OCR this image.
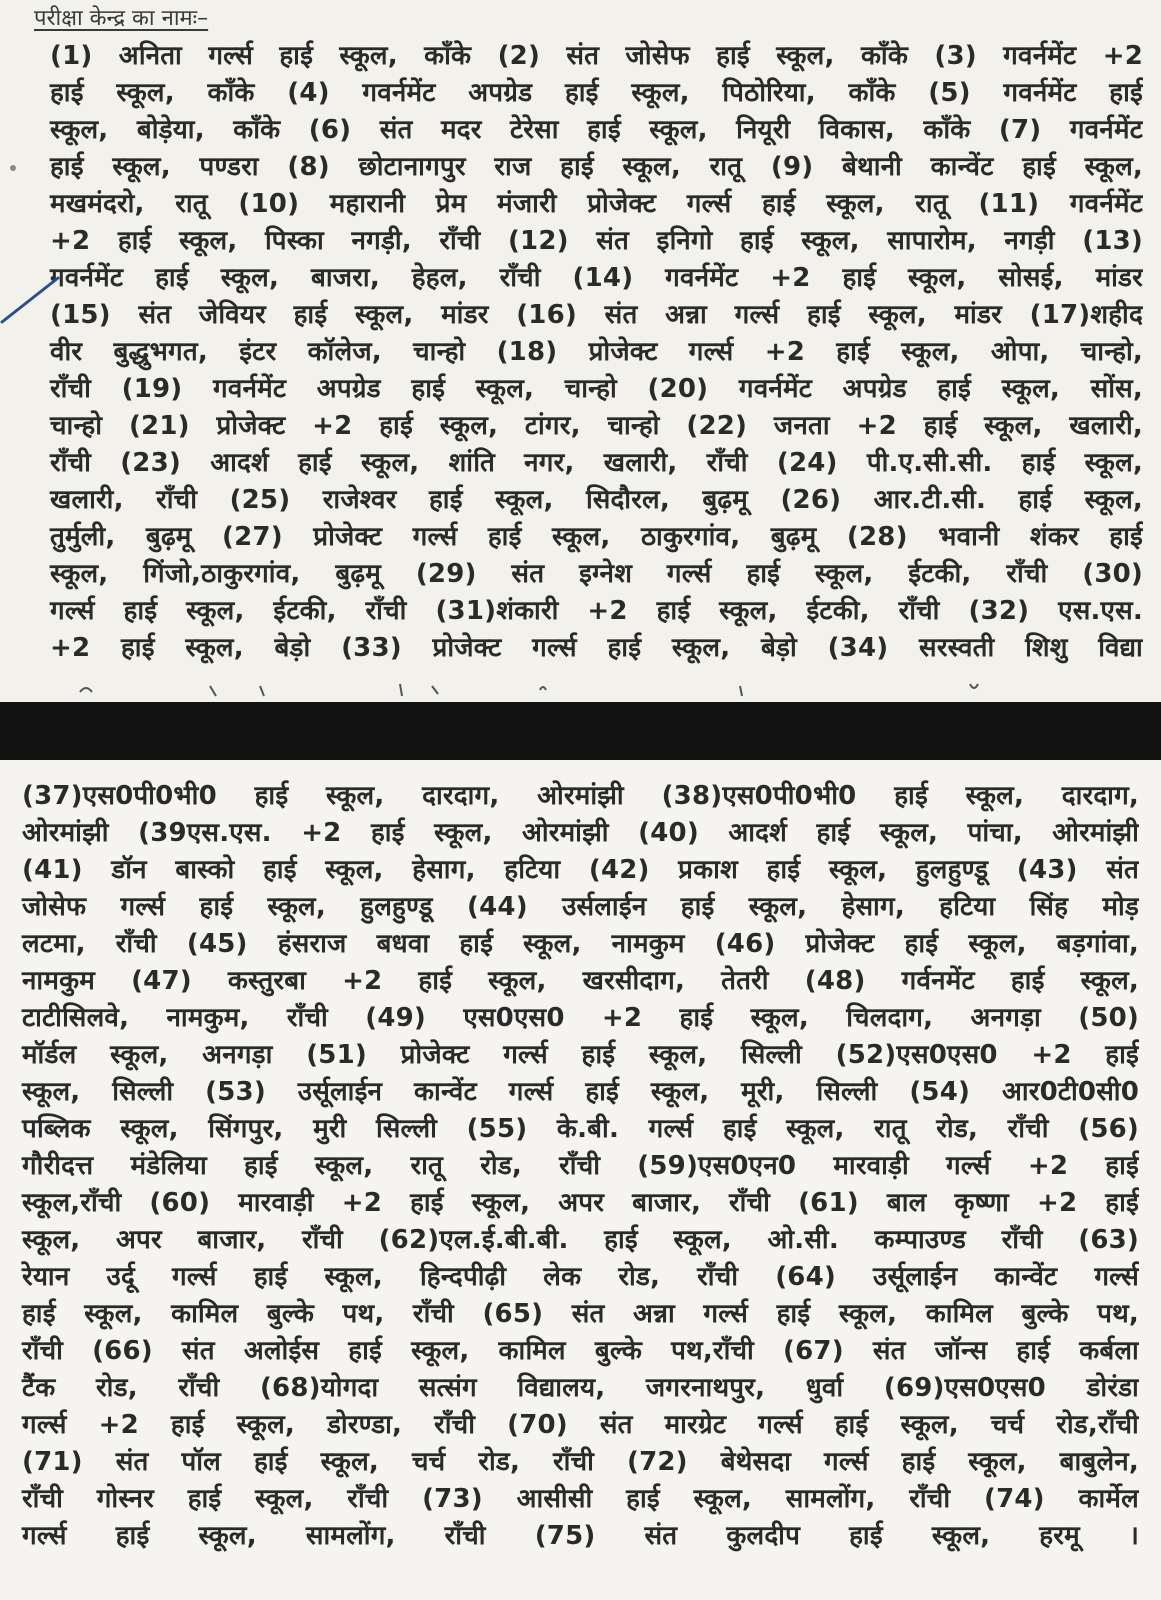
परीक्षा केन्द्र का नामः–
(1) अनिता गर्ल्स हाई स्कूल, काँके (2) संत जोसेफ हाई स्कूल, काँके (3) गवर्नमेंट +2
हाई स्कूल, काँके (4) गवर्नमेंट अपग्रेड हाई स्कूल, पिठोरिया, काँके (5) गवर्नमेंट हाई
स्कूल, बोड़ेया, काँके (6) संत मदर टेरेसा हाई स्कूल, नियूरी विकास, काँके (7) गवर्नमेंट
हाई स्कूल, पण्डरा (8) छोटानागपुर राज हाई स्कूल, रातू (9) बेथानी कान्वेंट हाई स्कूल,
मखमंदरो, रातू (10) महारानी प्रेम मंजारी प्रोजेक्ट गर्ल्स हाई स्कूल, रातू (11) गवर्नमेंट
+2 हाई स्कूल, पिस्का नगड़ी, राँची (12) संत इनिगो हाई स्कूल, सापारोम, नगड़ी (13)
गवर्नमेंट हाई स्कूल, बाजरा, हेहल, राँची (14) गवर्नमेंट +2 हाई स्कूल, सोसई, मांडर
(15) संत जेवियर हाई स्कूल, मांडर (16) संत अन्ना गर्ल्स हाई स्कूल, मांडर (17)शहीद
वीर बुद्धुभगत, इंटर कॉलेज, चान्हो (18) प्रोजेक्ट गर्ल्स +2 हाई स्कूल, ओपा, चान्हो,
राँची (19) गवर्नमेंट अपग्रेड हाई स्कूल, चान्हो (20) गवर्नमेंट अपग्रेड हाई स्कूल, सोंस,
चान्हो (21) प्रोजेक्ट +2 हाई स्कूल, टांगर, चान्हो (22) जनता +2 हाई स्कूल, खलारी,
राँची (23) आदर्श हाई स्कूल, शांति नगर, खलारी, राँची (24) पी.ए.सी.सी. हाई स्कूल,
खलारी, राँची (25) राजेश्वर हाई स्कूल, सिदौरल, बुढ़मू (26) आर.टी.सी. हाई स्कूल,
तुर्मुली, बुढ़मू (27) प्रोजेक्ट गर्ल्स हाई स्कूल, ठाकुरगांव, बुढ़मू (28) भवानी शंकर हाई
स्कूल, गिंजो,ठाकुरगांव, बुढ़मू (29) संत इग्नेश गर्ल्स हाई स्कूल, ईटकी, राँची (30)
गर्ल्स हाई स्कूल, ईटकी, राँची (31)शंकारी +2 हाई स्कूल, ईटकी, राँची (32) एस.एस.
+2 हाई स्कूल, बेड़ो (33) प्रोजेक्ट गर्ल्स हाई स्कूल, बेड़ो (34) सरस्वती शिशु विद्या
(37)एस0पी0भी0 हाई स्कूल, दारदाग, ओरमांझी (38)एस0पी0भी0 हाई स्कूल, दारदाग,
ओरमांझी (39एस.एस. +2 हाई स्कूल, ओरमांझी (40) आदर्श हाई स्कूल, पांचा, ओरमांझी
(41) डॉन बास्को हाई स्कूल, हेसाग, हटिया (42) प्रकाश हाई स्कूल, हुलहुण्डू (43) संत
जोसेफ गर्ल्स हाई स्कूल, हुलहुण्डू (44) उर्सलाईन हाई स्कूल, हेसाग, हटिया सिंह मोड़
लटमा, राँची (45) हंसराज बधवा हाई स्कूल, नामकुम (46) प्रोजेक्ट हाई स्कूल, बड़गांवा,
नामकुम (47) कस्तुरबा +2 हाई स्कूल, खरसीदाग, तेतरी (48) गर्वनमेंट हाई स्कूल,
टाटीसिलवे, नामकुम, राँची (49) एस0एस0 +2 हाई स्कूल, चिलदाग, अनगड़ा (50)
मॉर्डल स्कूल, अनगड़ा (51) प्रोजेक्ट गर्ल्स हाई स्कूल, सिल्ली (52)एस0एस0 +2 हाई
स्कूल, सिल्ली (53) उर्सूलाईन कान्वेंट गर्ल्स हाई स्कूल, मूरी, सिल्ली (54) आर0टी0सी0
पब्लिक स्कूल, सिंगपुर, मुरी सिल्ली (55) के.बी. गर्ल्स हाई स्कूल, रातू रोड, राँची (56)
गौरीदत्त मंडेलिया हाई स्कूल, रातू रोड, राँची (59)एस0एन0 मारवाड़ी गर्ल्स +2 हाई
स्कूल,राँची (60) मारवाड़ी +2 हाई स्कूल, अपर बाजार, राँची (61) बाल कृष्णा +2 हाई
स्कूल, अपर बाजार, राँची (62)एल.ई.बी.बी. हाई स्कूल, ओ.सी. कम्पाउण्ड राँची (63)
रेयान उर्दू गर्ल्स हाई स्कूल, हिन्दपीढ़ी लेक रोड, राँची (64) उर्सूलाईन कान्वेंट गर्ल्स
हाई स्कूल, कामिल बुल्के पथ, राँची (65) संत अन्ना गर्ल्स हाई स्कूल, कामिल बुल्के पथ,
राँची (66) संत अलोईस हाई स्कूल, कामिल बुल्के पथ,राँची (67) संत जॉन्स हाई कर्बला
टैंक रोड, राँची (68)योगदा सत्संग विद्यालय, जगरनाथपुर, धुर्वा (69)एस0एस0 डोरंडा
गर्ल्स +2 हाई स्कूल, डोरण्डा, राँची (70) संत मारग्रेट गर्ल्स हाई स्कूल, चर्च रोड,राँची
(71) संत पॉल हाई स्कूल, चर्च रोड, राँची (72) बेथेसदा गर्ल्स हाई स्कूल, बाबुलेन,
राँची गोस्नर हाई स्कूल, राँची (73) आसीसी हाई स्कूल, सामलोंग, राँची (74) कार्मेल
गर्ल्स हाई स्कूल, सामलोंग, राँची (75) संत कुलदीप हाई स्कूल, हरमू ।
